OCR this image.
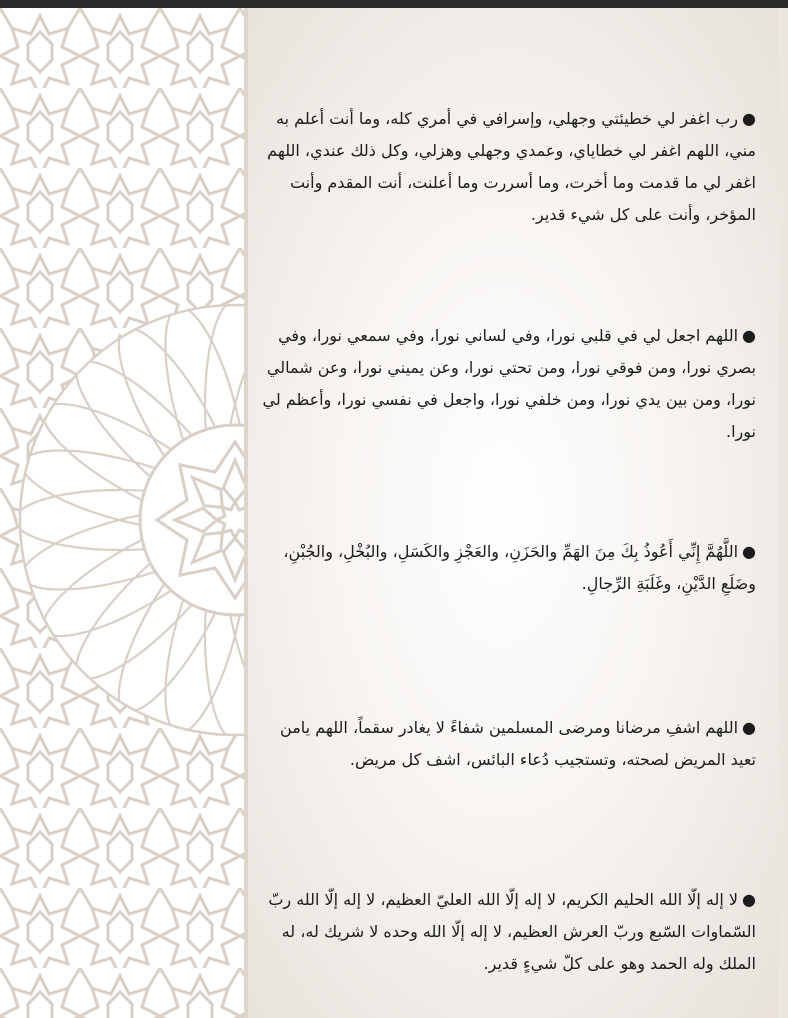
●رب اغفر لي خطيئتي وجهلي، وإسرافي في أمري كله، وما أنت أعلم به مني، اللهم اغفر لي خطاياي، وعمدي وجهلي وهزلي، وكل ذلك عندي، اللهم اغفر لي ما قدمت وما أخرت، وما أسررت وما أعلنت، أنت المقدم وأنت المؤخر، وأنت على كل شيء قدير.

●اللهم اجعل لي في قلبي نورا، وفي لساني نورا، وفي سمعي نورا، وفي بصري نورا، ومن فوقي نورا، ومن تحتي نورا، وعن يميني نورا، وعن شمالي نورا، ومن بين يدي نورا، ومن خلفي نورا، واجعل في نفسي نورا، وأعظم لي نورا.

●اللَّهُمَّ إِنِّي أَعُوذُ بِكَ مِنَ الهَمِّ والحَزَنِ، والعَجْزِ والكَسَلِ، والبُخْلِ، والجُبْنِ، وضَلَعِ الدَّيْنِ، وغَلَبَةِ الرِّجالِ.

●اللهم اشفِ مرضانا ومرضى المسلمين شفاءً لا يغادر سقماً، اللهم يامن تعيد المريض لصحته، وتستجيب دُعاء البائس، اشف كل مريض.

●لا إله إلّا الله الحليم الكريم، لا إله إلّا الله العليّ العظيم، لا إله إلّا الله ربّ السّماوات السّبع وربّ العرش العظيم، لا إله إلّا الله وحده لا شريك له، له الملك وله الحمد وهو على كلّ شيءٍ قدير.
